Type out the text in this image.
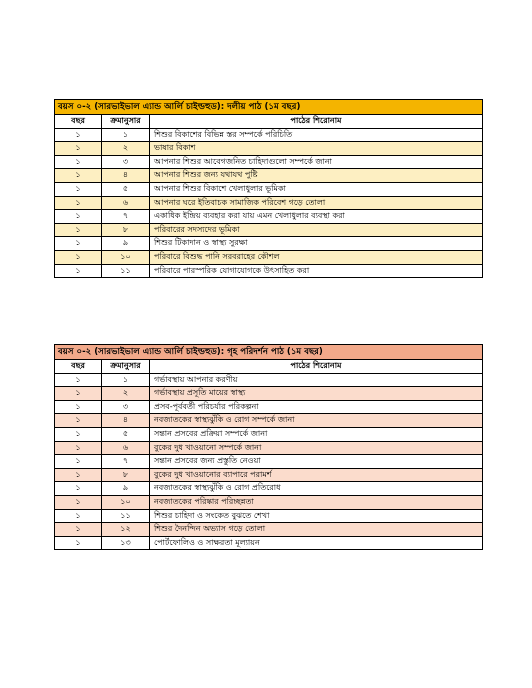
বয়স ০-২ (সারভাইভাল এ্যান্ড আর্লি চাইল্ডহুড): দলীয় পাঠ (১ম বছর)
বছর	ক্রমানুসার	পাঠের শিরোনাম
১	১	শিশুর বিকাশের বিভিন্ন স্তর সম্পর্কে পরিচিতি
১	২	ভাষার বিকাশ
১	৩	আপনার শিশুর আবেগজনিত চাহিদাগুলো সম্পর্কে জানা
১	৪	আপনার শিশুর জন্য যথাযথ পুষ্টি
১	৫	আপনার শিশুর বিকাশে খেলাধুলার ভূমিকা
১	৬	আপনার ঘরে ইতিবাচক সামাজিক পরিবেশ গড়ে তোলা
১	৭	একাধিক ইন্দ্রিয় ব্যবহার করা যায় এমন খেলাধুলার ব্যবস্থা করা
১	৮	পরিবারের সদস্যদের ভূমিকা
১	৯	শিশুর টিকাদান ও স্বাস্থ্য সুরক্ষা
১	১০	পরিবারে বিশুদ্ধ পানি সরবরাহের কৌশল
১	১১	পরিবারে পারস্পরিক যোগাযোগকে উৎসাহিত করা
বয়স ০-২ (সারভাইভাল এ্যান্ড আর্লি চাইল্ডহুড): গৃহ পরিদর্শন পাঠ (১ম বছর)
বছর	ক্রমানুসার	পাঠের শিরোনাম
১	১	গর্ভাবস্থায় আপনার করণীয়
১	২	গর্ভাবস্থায় প্রসূতি মায়ের স্বাস্থ্য
১	৩	প্রসব-পূর্ববর্তী পরিচর্যার পরিকল্পনা
১	৪	নবজাতকের স্বাস্থ্যঝুঁকি ও রোগ সম্পর্কে জানা
১	৫	সন্তান প্রসবের প্রক্রিয়া সম্পর্কে জানা
১	৬	বুকের দুধ খাওয়ানো সম্পর্কে জানা
১	৭	সন্তান প্রসবের জন্য প্রস্তুতি নেওয়া
১	৮	বুকের দুধ খাওয়ানোর ব্যাপারে পরামর্শ
১	৯	নবজাতকের স্বাস্থ্যঝুঁকি ও রোগ প্রতিরোধ
১	১০	নবজাতকের পরিষ্কার পরিচ্ছন্নতা
১	১১	শিশুর চাহিদা ও সংকেত বুঝতে শেখা
১	১২	শিশুর দৈনন্দিন অভ্যাস গড়ে তোলা
১	১৩	পোর্টফোলিও ও সাক্ষরতা মূল্যায়ন
